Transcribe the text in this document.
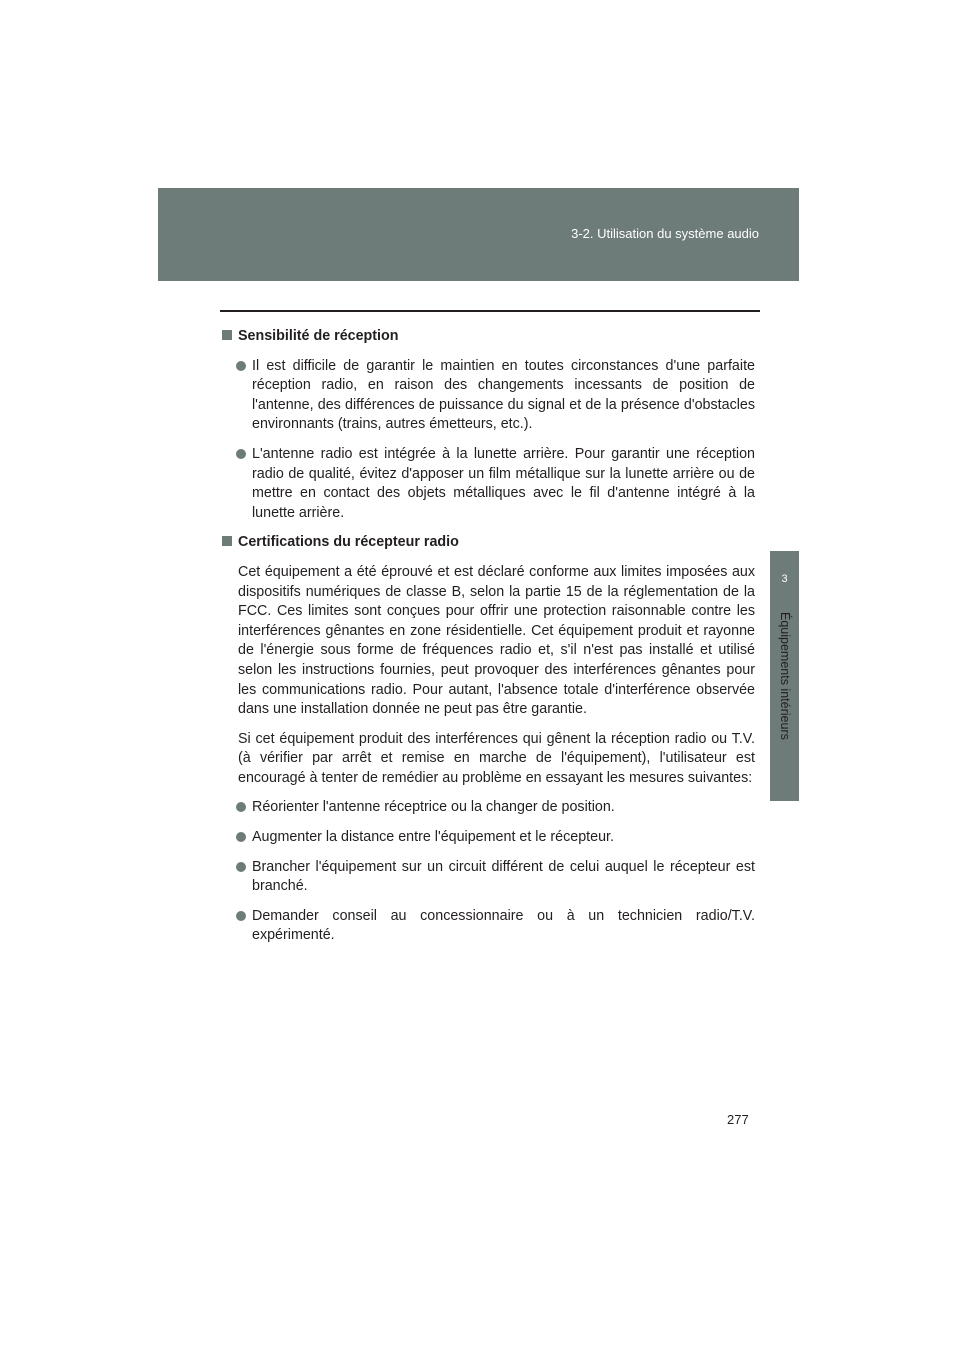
3-2. Utilisation du système audio
3
Équipements intérieurs
Sensibilité de réception

Il est difficile de garantir le maintien en toutes circonstances d'une parfaite réception radio, en raison des changements incessants de position de l'antenne, des différences de puissance du signal et de la présence d'obstacles environnants (trains, autres émetteurs, etc.).

L'antenne radio est intégrée à la lunette arrière. Pour garantir une réception radio de qualité, évitez d'apposer un film métallique sur la lunette arrière ou de mettre en contact des objets métalliques avec le fil d'antenne intégré à la lunette arrière.

Certifications du récepteur radio

Cet équipement a été éprouvé et est déclaré conforme aux limites imposées aux dispositifs numériques de classe B, selon la partie 15 de la réglementation de la FCC. Ces limites sont conçues pour offrir une protection raisonnable contre les interférences gênantes en zone résidentielle. Cet équipement produit et rayonne de l'énergie sous forme de fréquences radio et, s'il n'est pas installé et utilisé selon les instructions fournies, peut provoquer des interférences gênantes pour les communications radio. Pour autant, l'absence totale d'interférence observée dans une installation donnée ne peut pas être garantie.

Si cet équipement produit des interférences qui gênent la réception radio ou T.V. (à vérifier par arrêt et remise en marche de l'équipement), l'utilisateur est encouragé à tenter de remédier au problème en essayant les mesures suivantes:

Réorienter l'antenne réceptrice ou la changer de position.

Augmenter la distance entre l'équipement et le récepteur.

Brancher l'équipement sur un circuit différent de celui auquel le récepteur est branché.

Demander conseil au concessionnaire ou à un technicien radio/T.V. expérimenté.

277
